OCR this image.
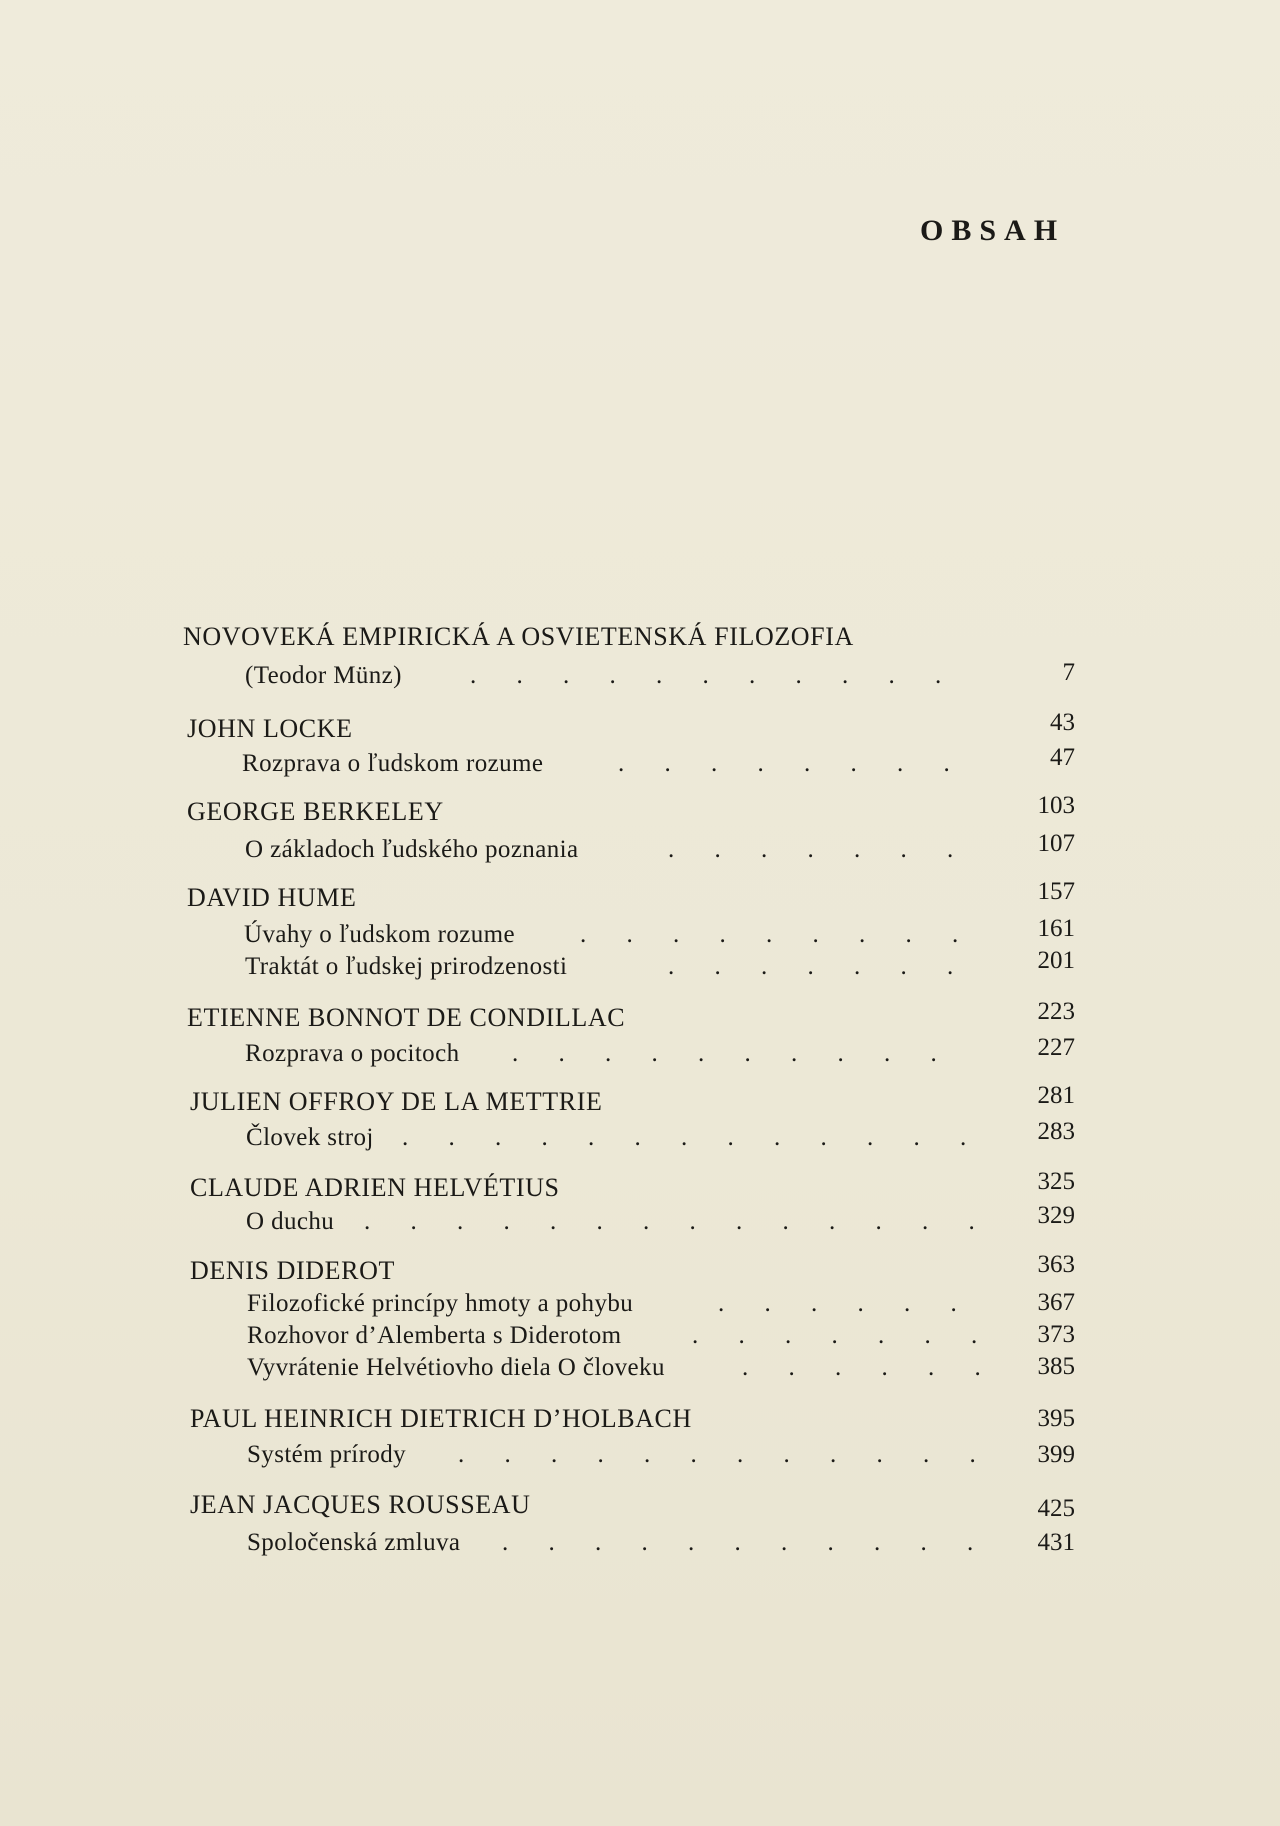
OBSAH
NOVOVEKÁ EMPIRICKÁ A OSVIETENSKÁ FILOZOFIA
(Teodor Münz)	. . . . . . . . . . .	7
JOHN LOCKE	43
Rozprava o ľudskom rozume	. . . . . . . .	47
GEORGE BERKELEY	103
O základoch ľudského poznania	. . . . . . .	107
DAVID HUME	157
Úvahy o ľudskom rozume	. . . . . . . . .	161
Traktát o ľudskej prirodzenosti	. . . . . . .	201
ETIENNE BONNOT DE CONDILLAC	223
Rozprava o pocitoch . . . . . . . . . .	227
JULIEN OFFROY DE LA METTRIE	281
Človek stroj . . . . . . . . . . . . .	283
CLAUDE ADRIEN HELVÉTIUS	325
O duchu . . . . . . . . . . . . . .	329
DENIS DIDEROT	363
Filozofické princípy hmoty a pohybu	. . . . . .	367
Rozhovor d’Alemberta s Diderotom	. . . . . . .	373
Vyvrátenie Helvétiovho diela O človeku	. . . . . .	385
PAUL HEINRICH DIETRICH D’HOLBACH	395
Systém prírody . . . . . . . . . . . .	399
JEAN JACQUES ROUSSEAU	425
Spoločenská zmluva . . . . . . . . . . .	431
